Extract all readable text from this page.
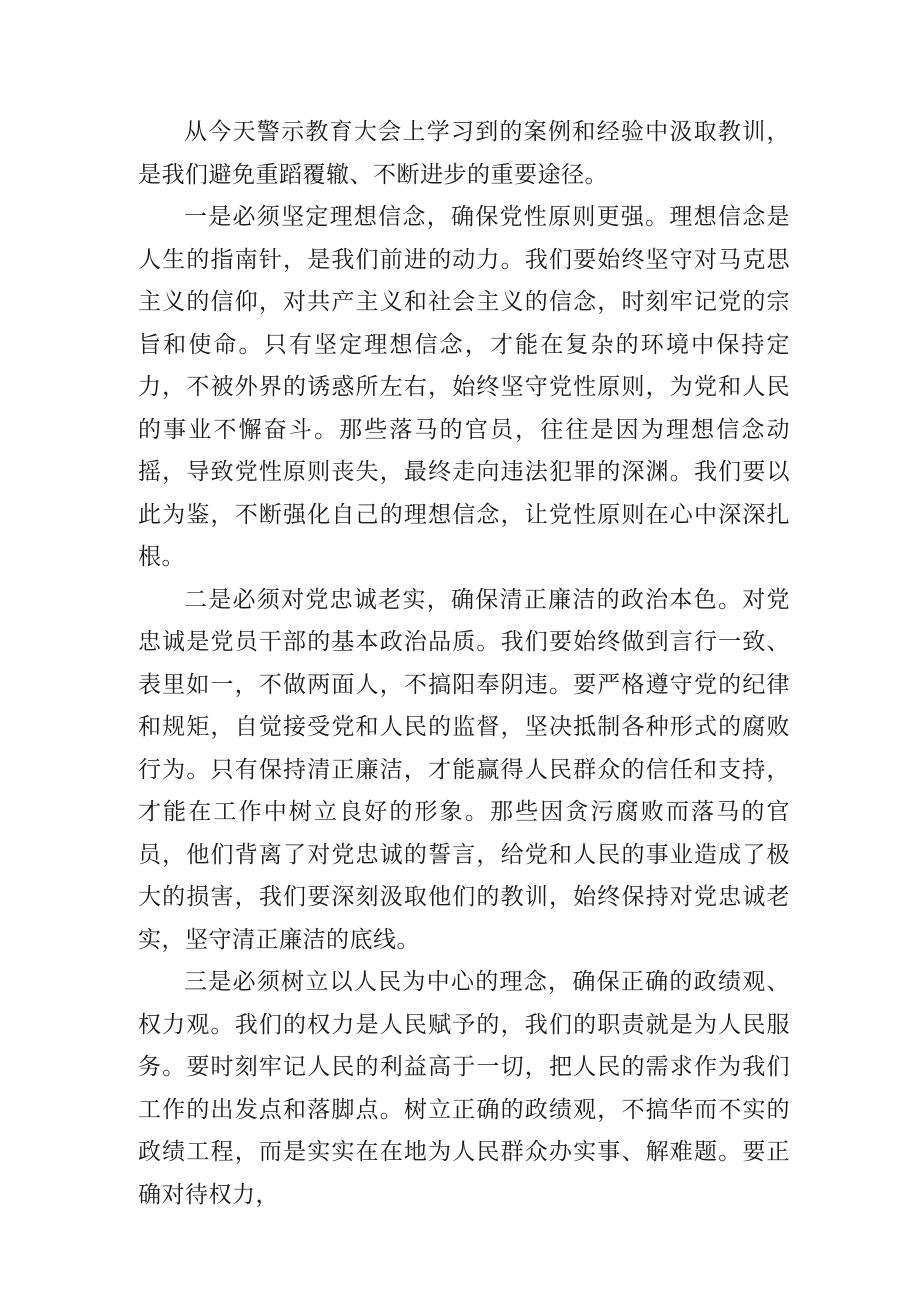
从今天警示教育大会上学习到的案例和经验中汲取教训，是我们避免重蹈覆辙、不断进步的重要途径。

一是必须坚定理想信念，确保党性原则更强。理想信念是人生的指南针，是我们前进的动力。我们要始终坚守对马克思主义的信仰，对共产主义和社会主义的信念，时刻牢记党的宗旨和使命。只有坚定理想信念，才能在复杂的环境中保持定力，不被外界的诱惑所左右，始终坚守党性原则，为党和人民的事业不懈奋斗。那些落马的官员，往往是因为理想信念动摇，导致党性原则丧失，最终走向违法犯罪的深渊。我们要以此为鉴，不断强化自己的理想信念，让党性原则在心中深深扎根。

二是必须对党忠诚老实，确保清正廉洁的政治本色。对党忠诚是党员干部的基本政治品质。我们要始终做到言行一致、表里如一，不做两面人，不搞阳奉阴违。要严格遵守党的纪律和规矩，自觉接受党和人民的监督，坚决抵制各种形式的腐败行为。只有保持清正廉洁，才能赢得人民群众的信任和支持，才能在工作中树立良好的形象。那些因贪污腐败而落马的官员，他们背离了对党忠诚的誓言，给党和人民的事业造成了极大的损害，我们要深刻汲取他们的教训，始终保持对党忠诚老实，坚守清正廉洁的底线。

三是必须树立以人民为中心的理念，确保正确的政绩观、权力观。我们的权力是人民赋予的，我们的职责就是为人民服务。要时刻牢记人民的利益高于一切，把人民的需求作为我们工作的出发点和落脚点。树立正确的政绩观，不搞华而不实的政绩工程，而是实实在在地为人民群众办实事、解难题。要正确对待权力，
